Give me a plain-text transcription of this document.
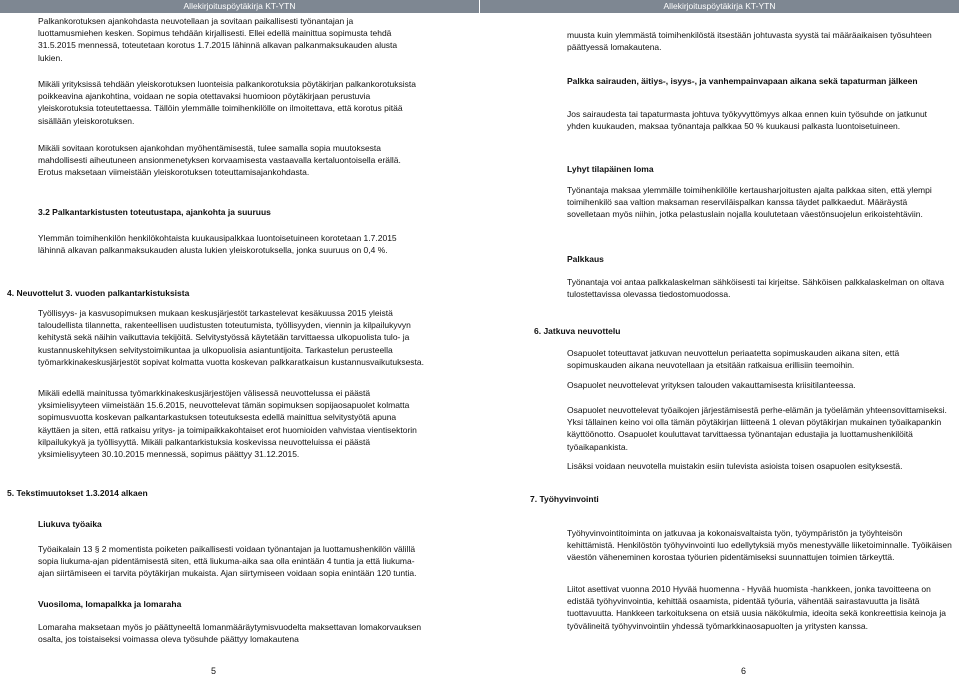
Allekirjoituspöytäkirja KT-YTN	Allekirjoituspöytäkirja KT-YTN

Palkankorotuksen ajankohdasta neuvotellaan ja sovitaan paikallisesti työnantajan ja luottamusmiehen kesken. Sopimus tehdään kirjallisesti. Ellei edellä mainittua sopimusta tehdä 31.5.2015 mennessä, toteutetaan korotus 1.7.2015 lähinnä alkavan palkanmaksukauden alusta lukien.

Mikäli yrityksissä tehdään yleiskorotuksen luonteisia palkankorotuksia pöytäkirjan palkankorotuksista poikkeavina ajankohtina, voidaan ne sopia otettavaksi huomioon pöytäkirjaan perustuvia yleiskorotuksia toteutettaessa. Tällöin ylemmälle toimihenkilölle on ilmoitettava, että korotus pitää sisällään yleiskorotuksen.

Mikäli sovitaan korotuksen ajankohdan myöhentämisestä, tulee samalla sopia muutoksesta mahdollisesti aiheutuneen ansionmenetyksen korvaamisesta vastaavalla kertaluontoisella erällä. Erotus maksetaan viimeistään yleiskorotuksen toteuttamisajankohdasta.

3.2 Palkantarkistusten toteutustapa, ajankohta ja suuruus

Ylemmän toimihenkilön henkilökohtaista kuukausipalkkaa luontoisetuineen korotetaan 1.7.2015 lähinnä alkavan palkanmaksukauden alusta lukien yleiskorotuksella, jonka suuruus on 0,4 %.

4. Neuvottelut 3. vuoden palkantarkistuksista

Työllisyys- ja kasvusopimuksen mukaan keskusjärjestöt tarkastelevat kesäkuussa 2015 yleistä taloudellista tilannetta, rakenteellisen uudistusten toteutumista, työllisyyden, viennin ja kilpailukyvyn kehitystä sekä näihin vaikuttavia tekijöitä. Selvitystyössä käytetään tarvittaessa ulkopuolista tulo- ja kustannuskehityksen selvitystoimikuntaa ja ulkopuolisia asiantuntijoita. Tarkastelun perusteella työmarkkinakeskusjärjestöt sopivat kolmatta vuotta koskevan palkkaratkaisun kustannusvaikutuksesta.

Mikäli edellä mainitussa työmarkkinakeskusjärjestöjen välisessä neuvottelussa ei päästä yksimielisyyteen viimeistään 15.6.2015, neuvottelevat tämän sopimuksen sopijaosapuolet kolmatta sopimusvuotta koskevan palkantarkastuksen toteutuksesta edellä mainittua selvitystyötä apuna käyttäen ja siten, että ratkaisu yritys- ja toimipaikkakohtaiset erot huomioiden vahvistaa vientisektorin kilpailukykyä ja työllisyyttä. Mikäli palkantarkistuksia koskevissa neuvotteluissa ei päästä yksimielisyyteen 30.10.2015 mennessä, sopimus päättyy 31.12.2015.

5. Tekstimuutokset 1.3.2014 alkaen

Liukuva työaika

Työaikalain 13 § 2 momentista poiketen paikallisesti voidaan työnantajan ja luottamushenkilön välillä sopia liukuma-ajan pidentämisestä siten, että liukuma-aika saa olla enintään 4 tuntia ja että liukuma-ajan siirtämiseen ei tarvita pöytäkirjan mukaista. Ajan siirtymiseen voidaan sopia enintään 120 tuntia.

Vuosiloma, lomapalkka ja lomaraha

Lomaraha maksetaan myös jo päättyneeltä lomanmääräytymisvuodelta maksettavan lomakorvauksen osalta, jos toistaiseksi voimassa oleva työsuhde päättyy lomakautena

5

muusta kuin ylemmästä toimihenkilöstä itsestään johtuvasta syystä tai määräaikaisen työsuhteen päättyessä lomakautena.

Palkka sairauden, äitiys-, isyys-, ja vanhempainvapaan aikana sekä tapaturman jälkeen

Jos sairaudesta tai tapaturmasta johtuva työkyvyttömyys alkaa ennen kuin työsuhde on jatkunut yhden kuukauden, maksaa työnantaja palkkaa 50 % kuukausi palkasta luontoisetuineen.

Lyhyt tilapäinen loma

Työnantaja maksaa ylemmälle toimihenkilölle kertausharjoitusten ajalta palkkaa siten, että ylempi toimihenkilö saa valtion maksaman reserviläispalkan kanssa täydet palkkaedut. Määräystä sovelletaan myös niihin, jotka pelastuslain nojalla koulutetaan väestönsuojelun erikoistehtäviin.

Palkkaus

Työnantaja voi antaa palkkalaskelman sähköisesti tai kirjeitse. Sähköisen palkkalaskelman on oltava tulostettavissa olevassa tiedostomuodossa.

6. Jatkuva neuvottelu

Osapuolet toteuttavat jatkuvan neuvottelun periaatetta sopimuskauden aikana siten, että sopimuskauden aikana neuvotellaan ja etsitään ratkaisua erillisiin teemoihin.

Osapuolet neuvottelevat yrityksen talouden vakauttamisesta kriisitilanteessa.

Osapuolet neuvottelevat työaikojen järjestämisestä perhe-elämän ja työelämän yhteensovittamiseksi. Yksi tällainen keino voi olla tämän pöytäkirjan liitteenä 1 olevan pöytäkirjan mukainen työaikapankin käyttöönotto. Osapuolet kouluttavat tarvittaessa työnantajan edustajia ja luottamushenkilöitä työaikapankista.

Lisäksi voidaan neuvotella muistakin esiin tulevista asioista toisen osapuolen esityksestä.

7. Työhyvinvointi

Työhyvinvointitoiminta on jatkuvaa ja kokonaisvaltaista työn, työympäristön ja työyhteisön kehittämistä. Henkilöstön työhyvinvointi luo edellytyksiä myös menestyvälle liiketoiminnalle. Työikäisen väestön väheneminen korostaa työurien pidentämiseksi suunnattujen toimien tärkeyttä.

Liitot asettivat vuonna 2010 Hyvää huomenna - Hyvää huomista -hankkeen, jonka tavoitteena on edistää työhyvinvointia, kehittää osaamista, pidentää työuria, vähentää sairastavuutta ja lisätä tuottavuutta. Hankkeen tarkoituksena on etsiä uusia näkökulmia, ideoita sekä konkreettisia keinoja ja työvälineitä työhyvinvointiin yhdessä työmarkkinaosapuolten ja yritysten kanssa.

6
